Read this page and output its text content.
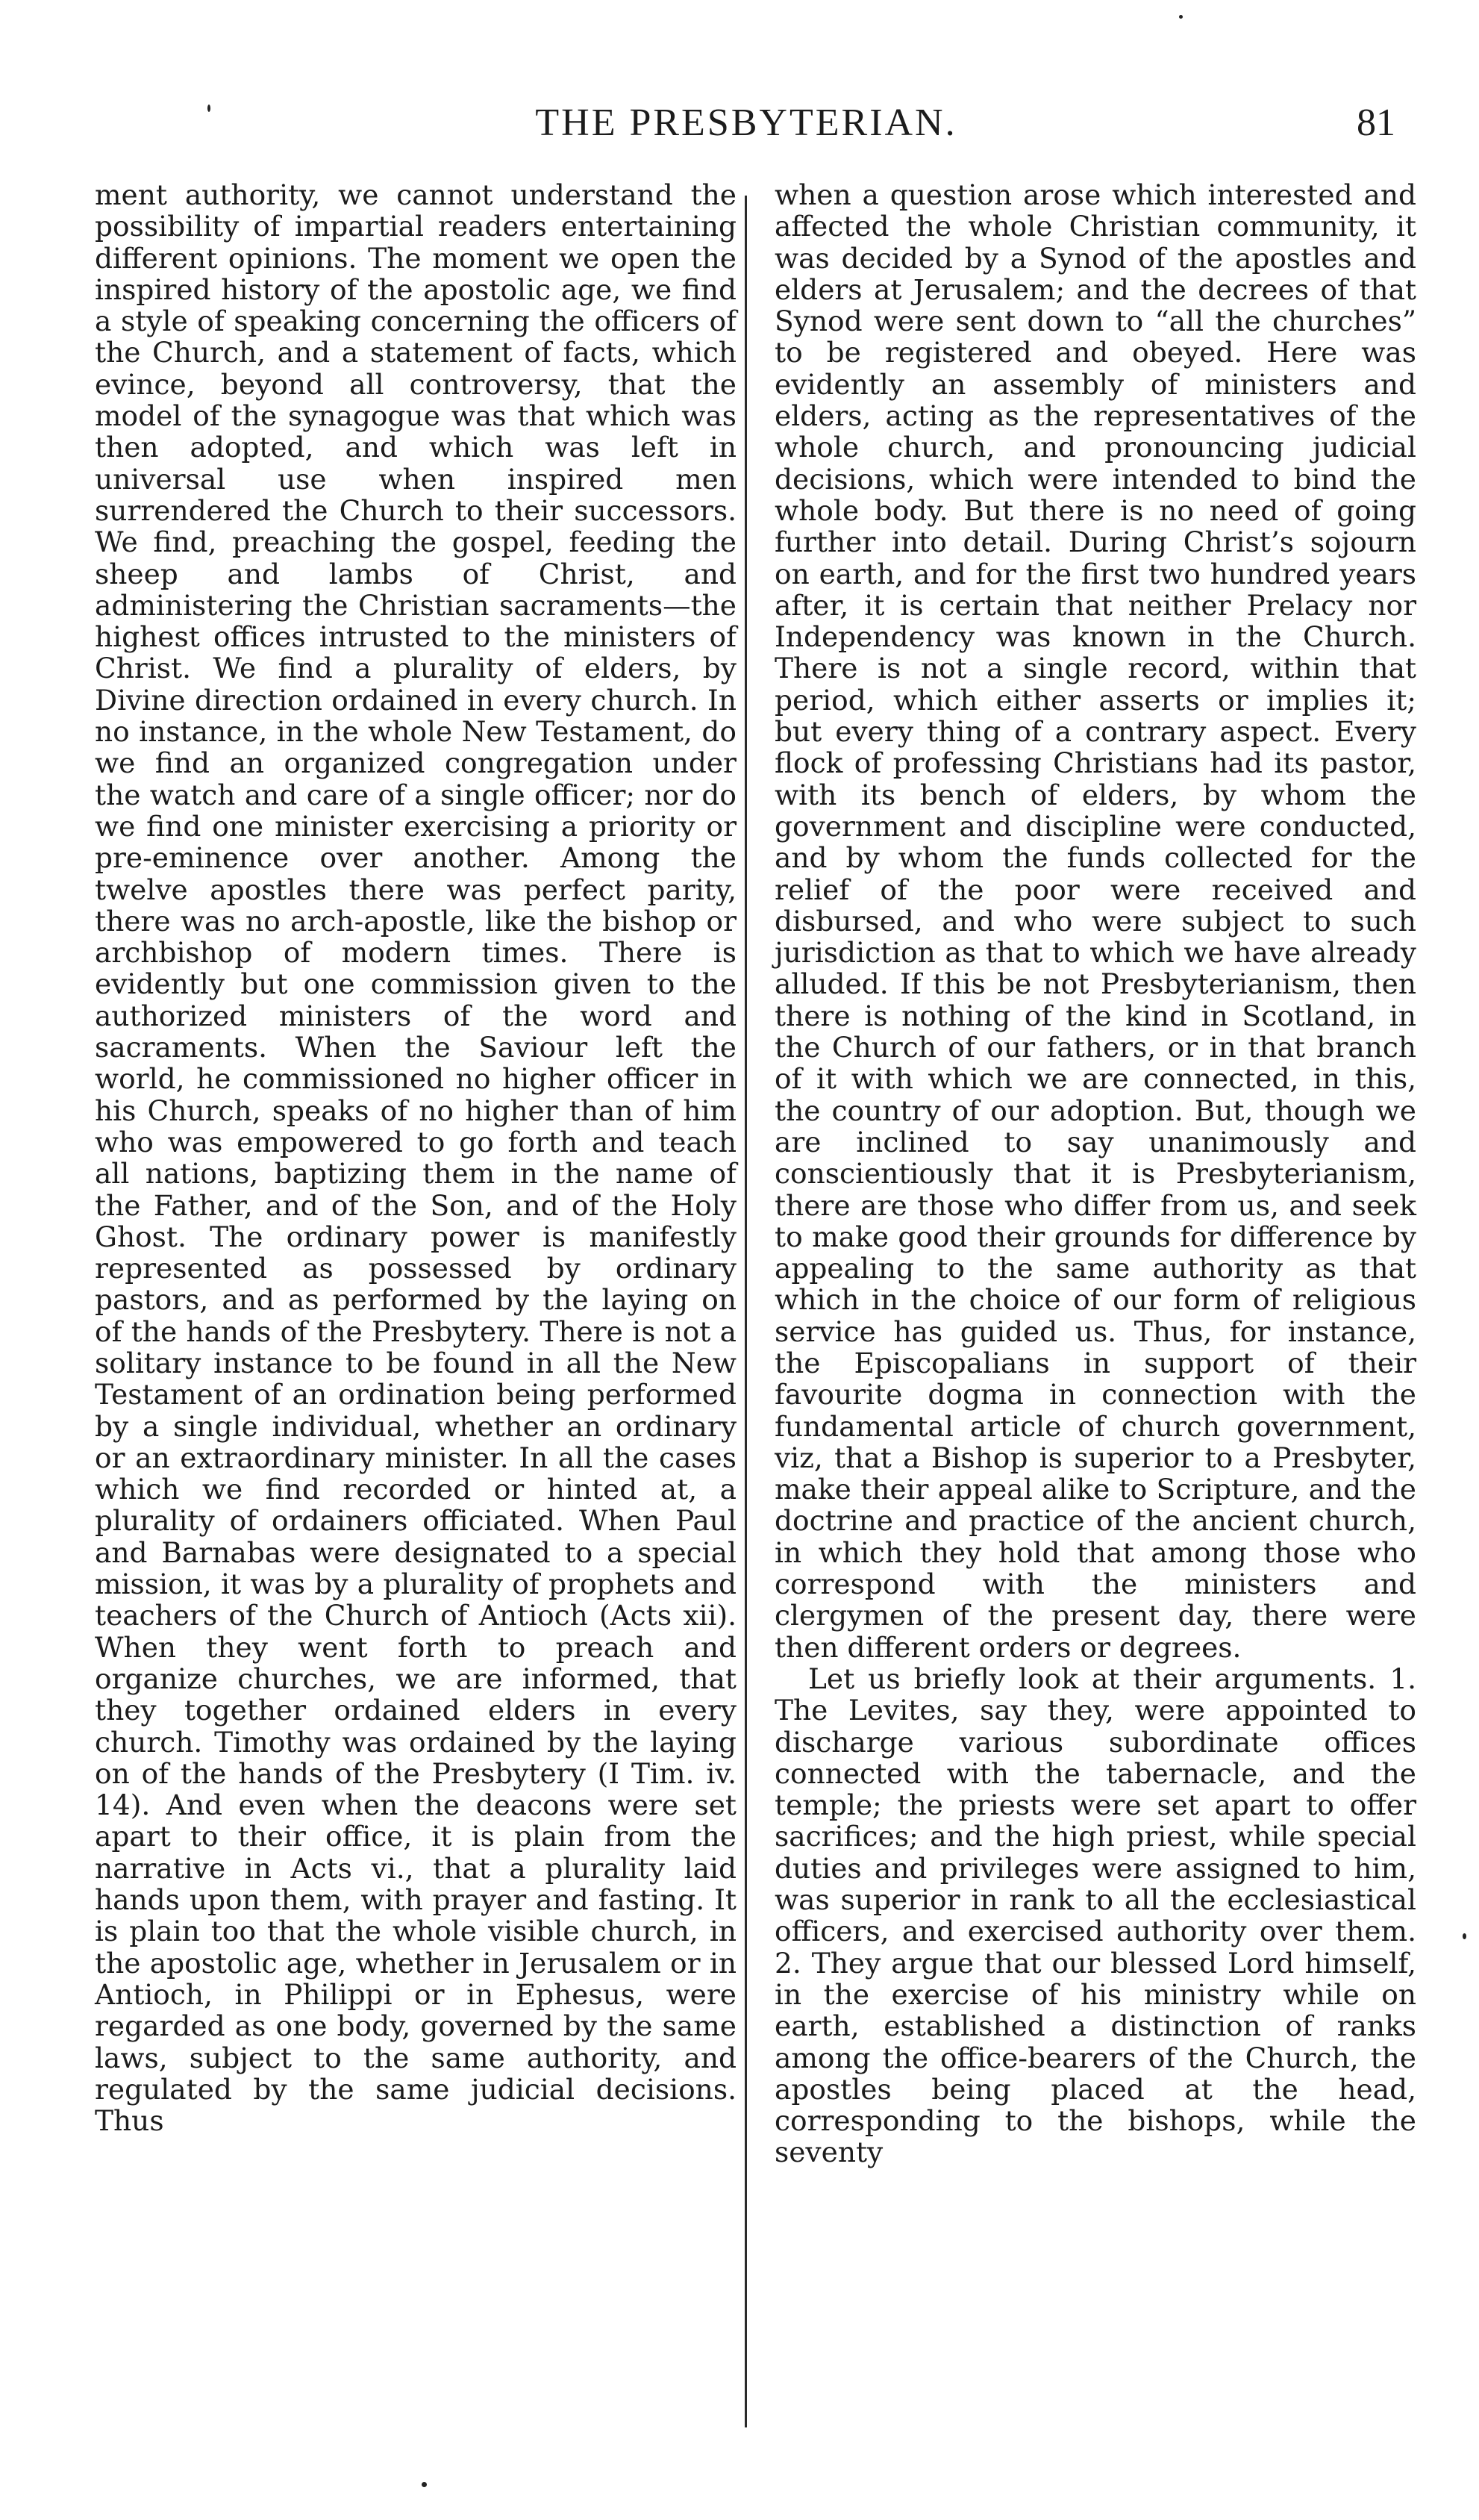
THE PRESBYTERIAN.	81

ment authority, we cannot understand the possibility of impartial readers entertaining different opinions. The moment we open the inspired history of the apostolic age, we find a style of speaking concerning the officers of the Church, and a statement of facts, which evince, beyond all controversy, that the model of the synagogue was that which was then adopted, and which was left in universal use when inspired men surrendered the Church to their successors. We find, preaching the gospel, feeding the sheep and lambs of Christ, and administering the Christian sacraments—the highest offices intrusted to the ministers of Christ. We find a plurality of elders, by Divine direction ordained in every church. In no instance, in the whole New Testament, do we find an organized congregation under the watch and care of a single officer; nor do we find one minister exercising a priority or pre-eminence over another. Among the twelve apostles there was perfect parity, there was no arch-apostle, like the bishop or archbishop of modern times. There is evidently but one commission given to the authorized ministers of the word and sacraments. When the Saviour left the world, he commissioned no higher officer in his Church, speaks of no higher than of him who was empowered to go forth and teach all nations, baptizing them in the name of the Father, and of the Son, and of the Holy Ghost. The ordinary power is manifestly represented as possessed by ordinary pastors, and as performed by the laying on of the hands of the Presbytery. There is not a solitary instance to be found in all the New Testament of an ordination being performed by a single individual, whether an ordinary or an extraordinary minister. In all the cases which we find recorded or hinted at, a plurality of ordainers officiated. When Paul and Barnabas were designated to a special mission, it was by a plurality of prophets and teachers of the Church of Antioch (Acts xii). When they went forth to preach and organize churches, we are informed, that they together ordained elders in every church. Timothy was ordained by the laying on of the hands of the Presbytery (I Tim. iv. 14). And even when the deacons were set apart to their office, it is plain from the narrative in Acts vi., that a plurality laid hands upon them, with prayer and fasting. It is plain too that the whole visible church, in the apostolic age, whether in Jerusalem or in Antioch, in Philippi or in Ephesus, were regarded as one body, governed by the same laws, subject to the same authority, and regulated by the same judicial decisions. Thus

when a question arose which interested and affected the whole Christian community, it was decided by a Synod of the apostles and elders at Jerusalem; and the decrees of that Synod were sent down to “all the churches” to be registered and obeyed. Here was evidently an assembly of ministers and elders, acting as the representatives of the whole church, and pronouncing judicial decisions, which were intended to bind the whole body. But there is no need of going further into detail. During Christ’s sojourn on earth, and for the first two hundred years after, it is certain that neither Prelacy nor Independency was known in the Church. There is not a single record, within that period, which either asserts or implies it; but every thing of a contrary aspect. Every flock of professing Christians had its pastor, with its bench of elders, by whom the government and discipline were conducted, and by whom the funds collected for the relief of the poor were received and disbursed, and who were subject to such jurisdiction as that to which we have already alluded. If this be not Presbyterianism, then there is nothing of the kind in Scotland, in the Church of our fathers, or in that branch of it with which we are connected, in this, the country of our adoption. But, though we are inclined to say unanimously and conscientiously that it is Presbyterianism, there are those who differ from us, and seek to make good their grounds for difference by appealing to the same authority as that which in the choice of our form of religious service has guided us. Thus, for instance, the Episcopalians in support of their favourite dogma in connection with the fundamental article of church government, viz, that a Bishop is superior to a Presbyter, make their appeal alike to Scripture, and the doctrine and practice of the ancient church, in which they hold that among those who correspond with the ministers and clergymen of the present day, there were then different orders or degrees.

Let us briefly look at their arguments. 1. The Levites, say they, were appointed to discharge various subordinate offices connected with the tabernacle, and the temple; the priests were set apart to offer sacrifices; and the high priest, while special duties and privileges were assigned to him, was superior in rank to all the ecclesiastical officers, and exercised authority over them. 2. They argue that our blessed Lord himself, in the exercise of his ministry while on earth, established a distinction of ranks among the office-bearers of the Church, the apostles being placed at the head, corresponding to the bishops, while the seventy
